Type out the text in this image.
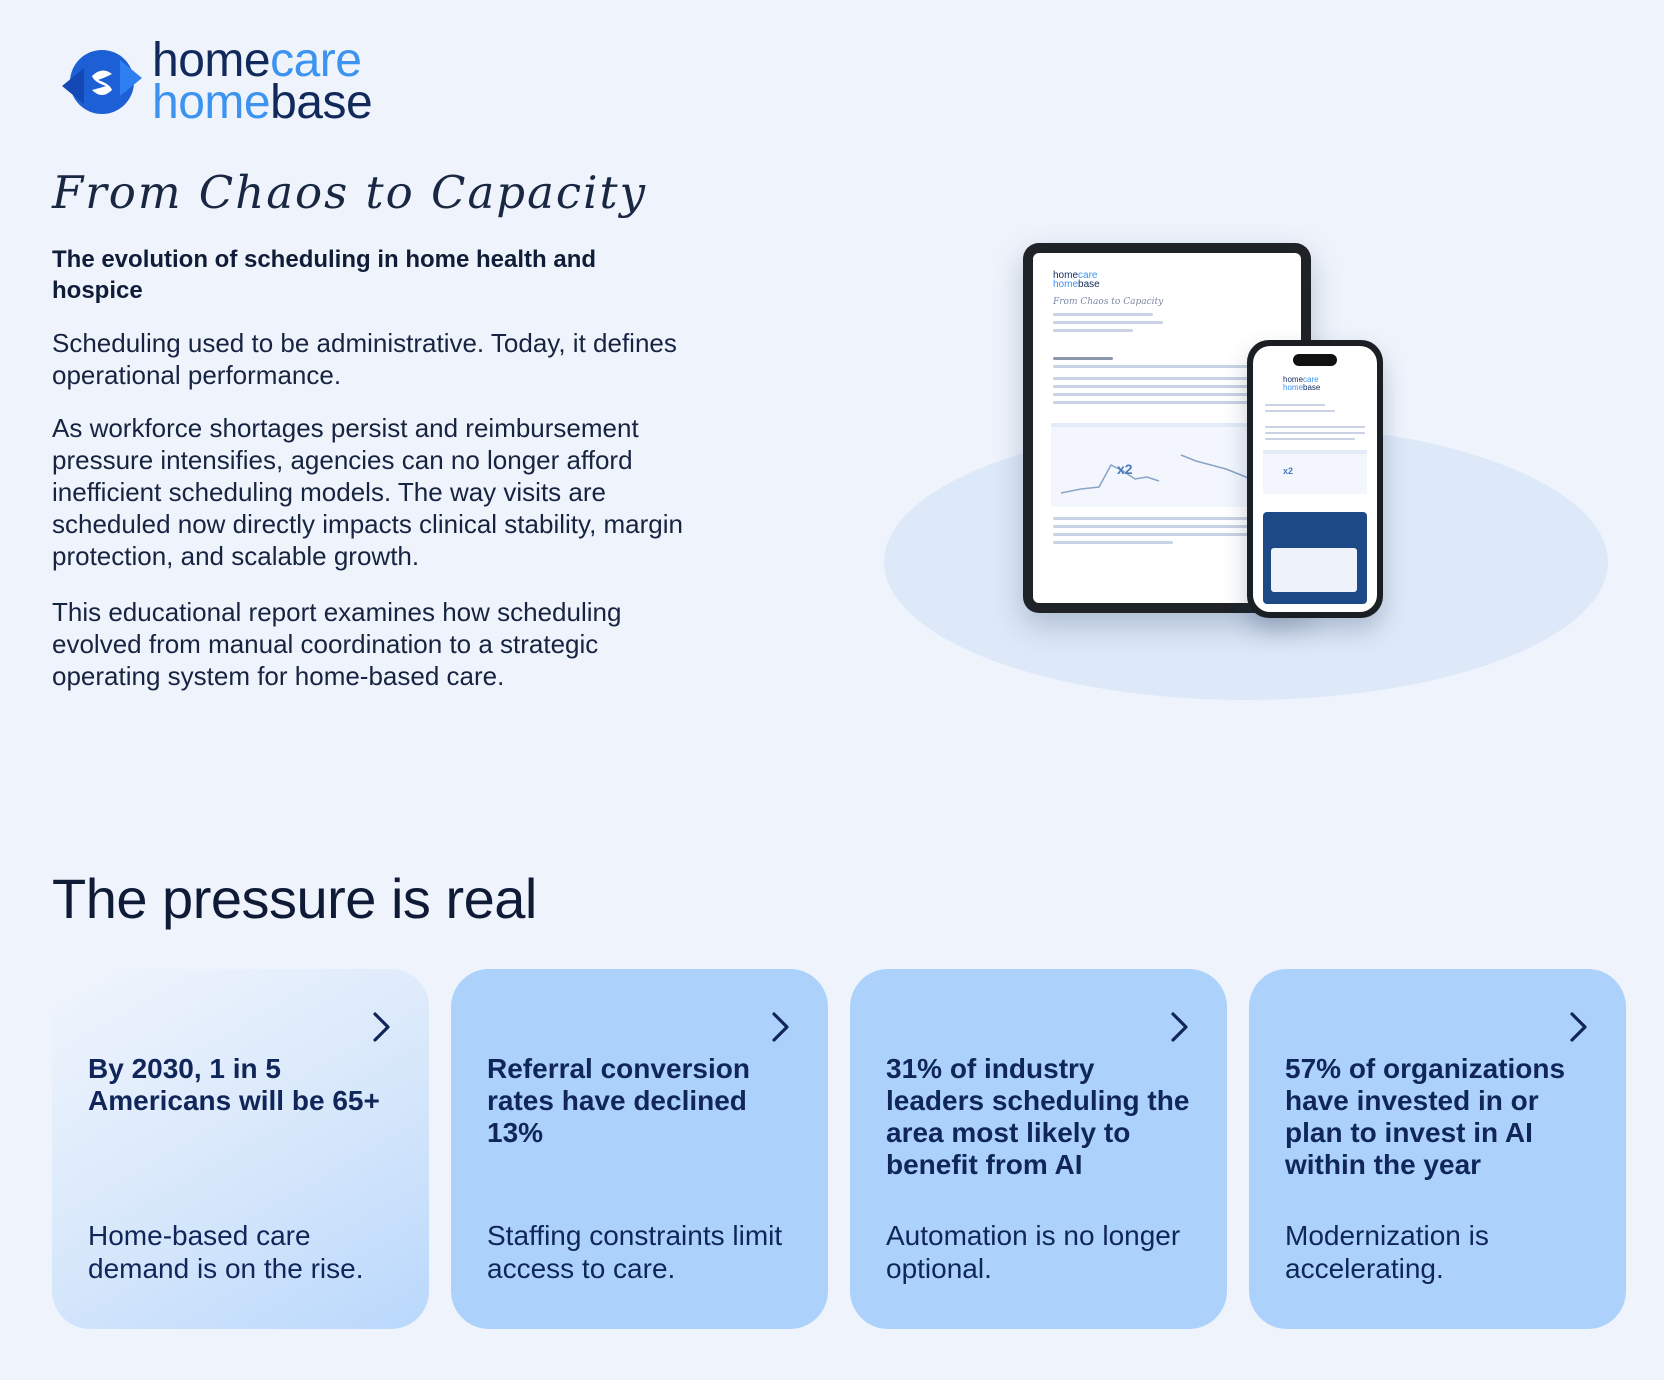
homecare
homebase
From Chaos to Capacity
The evolution of scheduling in home health and hospice

Scheduling used to be administrative. Today, it defines operational performance.

As workforce shortages persist and reimbursement pressure intensifies, agencies can no longer afford inefficient scheduling models. The way visits are scheduled now directly impacts clinical stability, margin protection, and scalable growth.

This educational report examines how scheduling evolved from manual coordination to a strategic operating system for home-based care.

homecare
homebase
From Chaos to Capacity
x2
homecare
homebase
x2
The pressure is real

By 2030, 1 in 5 Americans will be 65+

Home-based care demand is on the rise.

Referral conversion rates have declined 13%

Staffing constraints limit access to care.

31% of industry leaders scheduling the area most likely to benefit from AI

Automation is no longer optional.

57% of organizations have invested in or plan to invest in AI within the year

Modernization is accelerating.
